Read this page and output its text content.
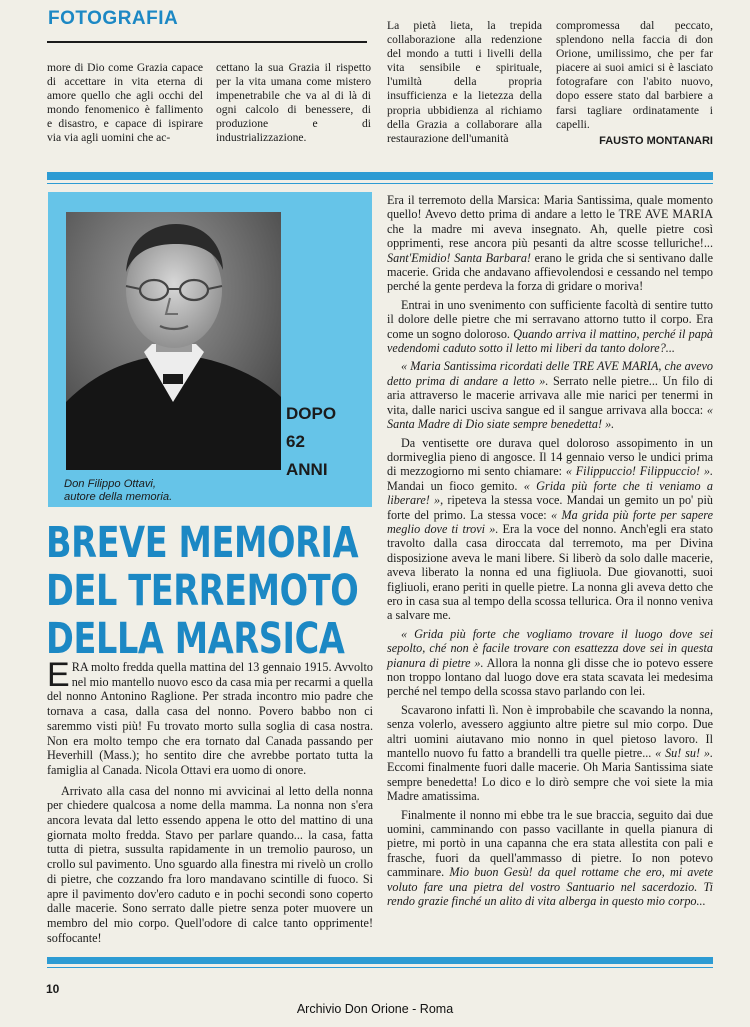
FOTOGRAFIA

more di Dio come Grazia capace di accettare in vita eterna di amore quello che agli occhi del mondo fenomenico è fallimento e disastro, e capace di ispirare via via agli uomini che ac-

cettano la sua Grazia il rispetto per la vita umana come mistero impenetrabile che va al di là di ogni calcolo di benessere, di produzione e di industrializzazione.

La pietà lieta, la trepida collaborazione alla redenzione del mondo a tutti i livelli della vita sensibile e spirituale, l'umiltà della propria insufficienza e la lietezza della propria ubbidienza al richiamo della Grazia a collaborare alla restaurazione dell'umanità

compromessa dal peccato, splendono nella faccia di don Orione, umilissimo, che per far piacere ai suoi amici si è lasciato fotografare con l'abito nuovo, dopo essere stato dal barbiere a farsi tagliare ordinatamente i capelli.

FAUSTO MONTANARI

Don Filippo Ottavi,
autore della memoria.
DOPO
62
ANNI
BREVE MEMORIA
DEL TERREMOTO
DELLA MARSICA

ERA molto fredda quella mattina del 13 gennaio 1915. Avvolto nel mio mantello nuovo esco da casa mia per recarmi a quella del nonno Antonino Raglione. Per strada incontro mio padre che tornava a casa, dalla casa del nonno. Povero babbo non ci saremmo visti più! Fu trovato morto sulla soglia di casa nostra. Non era molto tempo che era tornato dal Canada passando per Heverhill (Mass.); ho sentito dire che avrebbe portato tutta la famiglia al Canada. Nicola Ottavi era uomo di onore.

Arrivato alla casa del nonno mi avvicinai al letto della nonna per chiedere qualcosa a nome della mamma. La nonna non s'era ancora levata dal letto essendo appena le otto del mattino di una giornata molto fredda. Stavo per parlare quando... la casa, fatta tutta di pietra, sussulta rapidamente in un tremolio pauroso, un crollo sul pavimento. Uno sguardo alla finestra mi rivelò un crollo di pietre, che cozzando fra loro mandavano scintille di fuoco. Si apre il pavimento dov'ero caduto e in pochi secondi sono coperto dalle macerie. Sono serrato dalle pietre senza poter muovere un membro del mio corpo. Quell'odore di calce tanto opprimente! soffocante!

Era il terremoto della Marsica: Maria Santissima, quale momento quello! Avevo detto prima di andare a letto le TRE AVE MARIA che la madre mi aveva insegnato. Ah, quelle pietre così opprimenti, rese ancora più pesanti da altre scosse telluriche!... Sant'Emidio! Santa Barbara! erano le grida che si sentivano dalle macerie. Grida che andavano affievolendosi e cessando nel tempo perché la gente perdeva la forza di gridare o moriva!

Entrai in uno svenimento con sufficiente facoltà di sentire tutto il dolore delle pietre che mi serravano attorno tutto il corpo. Era come un sogno doloroso. Quando arriva il mattino, perché il papà vedendomi caduto sotto il letto mi liberi da tanto dolore?...

« Maria Santissima ricordati delle TRE AVE MARIA, che avevo detto prima di andare a letto ». Serrato nelle pietre... Un filo di aria attraverso le macerie arrivava alle mie narici per tenermi in vita, dalle narici usciva sangue ed il sangue arrivava alla bocca: « Santa Madre di Dio siate sempre benedetta! ».

Da ventisette ore durava quel doloroso assopimento in un dormiveglia pieno di angosce. Il 14 gennaio verso le undici prima di mezzogiorno mi sento chiamare: « Filippuccio! Filippuccio! ». Mandai un fioco gemito. « Grida più forte che ti veniamo a liberare! », ripeteva la stessa voce. Mandai un gemito un po' più forte del primo. La stessa voce: « Ma grida più forte per sapere meglio dove ti trovi ». Era la voce del nonno. Anch'egli era stato travolto dalla casa diroccata dal terremoto, ma per Divina disposizione aveva le mani libere. Si liberò da solo dalle macerie, aveva liberato la nonna ed una figliuola. Due giovanotti, suoi figliuoli, erano periti in quelle pietre. La nonna gli aveva detto che ero in casa sua al tempo della scossa tellurica. Ora il nonno veniva a salvare me.

« Grida più forte che vogliamo trovare il luogo dove sei sepolto, ché non è facile trovare con esattezza dove sei in questa pianura di pietre ». Allora la nonna gli disse che io potevo essere non troppo lontano dal luogo dove era stata scavata lei medesima perché nel tempo della scossa stavo parlando con lei.

Scavarono infatti lì. Non è improbabile che scavando la nonna, senza volerlo, avessero aggiunto altre pietre sul mio corpo. Due altri uomini aiutavano mio nonno in quel pietoso lavoro. Il mantello nuovo fu fatto a brandelli tra quelle pietre... « Su! su! ». Eccomi finalmente fuori dalle macerie. Oh Maria Santissima siate sempre benedetta! Lo dico e lo dirò sempre che voi siete la mia Madre amatissima.

Finalmente il nonno mi ebbe tra le sue braccia, seguito dai due uomini, camminando con passo vacillante in quella pianura di pietre, mi portò in una capanna che era stata allestita con pali e frasche, fuori da quell'ammasso di pietre. Io non potevo camminare. Mio buon Gesù! da quel rottame che ero, mi avete voluto fare una pietra del vostro Santuario nel sacerdozio. Ti rendo grazie finché un alito di vita alberga in questo mio corpo...

10
Archivio Don Orione - Roma
